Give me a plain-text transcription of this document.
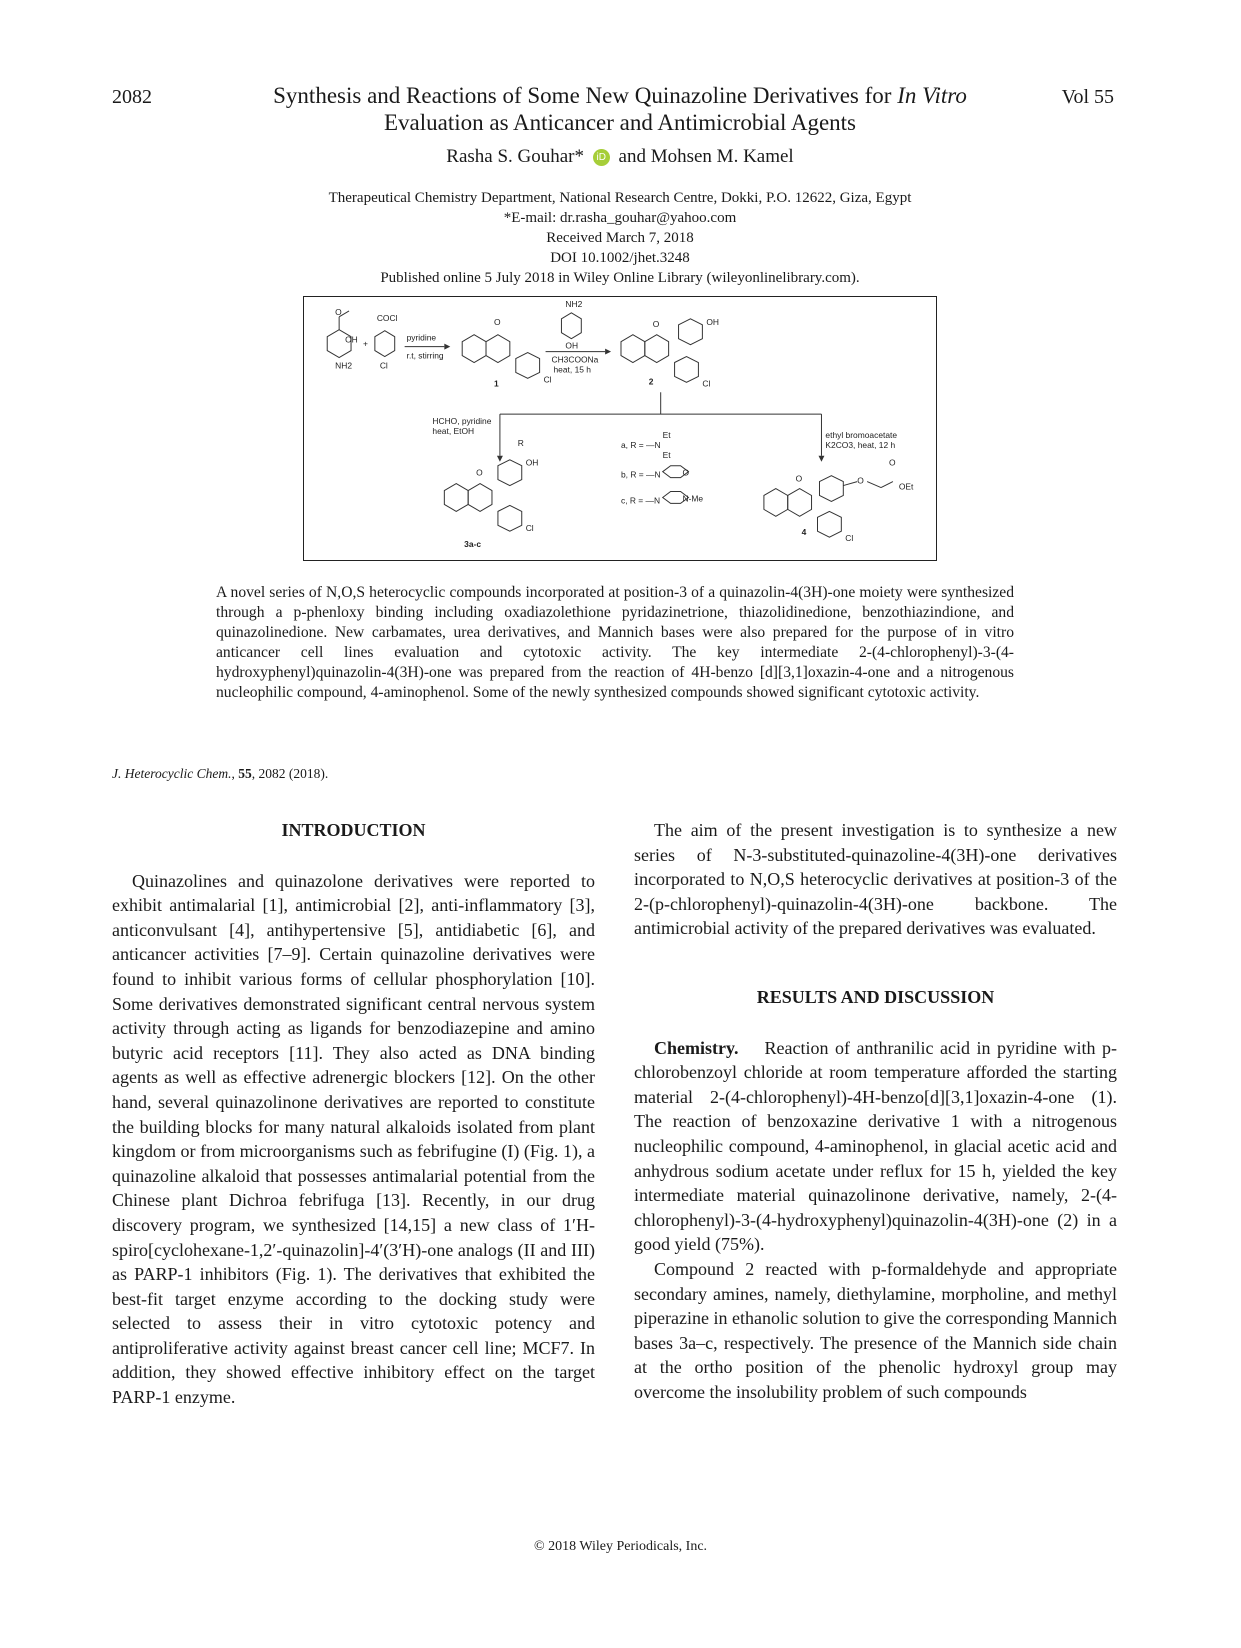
2082	Vol 55
Synthesis and Reactions of Some New Quinazoline Derivatives for In Vitro
Evaluation as Anticancer and Antimicrobial Agents
Rasha S. Gouhar* iD and Mohsen M. Kamel
Therapeutical Chemistry Department, National Research Centre, Dokki, P.O. 12622, Giza, Egypt
*E-mail: dr.rasha_gouhar@yahoo.com
Received March 7, 2018
DOI 10.1002/jhet.3248
Published online 5 July 2018 in Wiley Online Library (wileyonlinelibrary.com).
O
OH
NH2
+
COCl
Cl
pyridine
r.t, stirring
O
Cl
1
NH2
OH
CH3COONa
heat, 15 h
O	OH
Cl
2
HCHO, pyridine
heat, EtOH	ethyl bromoacetate
K2CO3, heat, 12 h
O
R
OH
Cl
3a-c
a, R = —N
Et
Et
b, R = —N	O
c, R = —N	N-Me
O	O
O
OEt
Cl
4
A novel series of N,O,S heterocyclic compounds incorporated at position-3 of a quinazolin-4(3H)-one moiety were synthesized through a p-phenloxy binding including oxadiazolethione pyridazinetrione, thiazolidinedione, benzothiazindione, and quinazolinedione. New carbamates, urea derivatives, and Mannich bases were also prepared for the purpose of in vitro anticancer cell lines evaluation and cytotoxic activity. The key intermediate 2-(4-chlorophenyl)-3-(4-hydroxyphenyl)quinazolin-4(3H)-one was prepared from the reaction of 4H-benzo [d][3,1]oxazin-4-one and a nitrogenous nucleophilic compound, 4-aminophenol. Some of the newly synthesized compounds showed significant cytotoxic activity.
J. Heterocyclic Chem., 55, 2082 (2018).

INTRODUCTION

Quinazolines and quinazolone derivatives were reported to exhibit antimalarial [1], antimicrobial [2], anti-inflammatory [3], anticonvulsant [4], antihypertensive [5], antidiabetic [6], and anticancer activities [7–9]. Certain quinazoline derivatives were found to inhibit various forms of cellular phosphorylation [10]. Some derivatives demonstrated significant central nervous system activity through acting as ligands for benzodiazepine and amino butyric acid receptors [11]. They also acted as DNA binding agents as well as effective adrenergic blockers [12]. On the other hand, several quinazolinone derivatives are reported to constitute the building blocks for many natural alkaloids isolated from plant kingdom or from microorganisms such as febrifugine (I) (Fig. 1), a quinazoline alkaloid that possesses antimalarial potential from the Chinese plant Dichroa febrifuga [13]. Recently, in our drug discovery program, we synthesized [14,15] a new class of 1′H-spiro[cyclohexane-1,2′-quinazolin]-4′(3′H)-one analogs (II and III) as PARP-1 inhibitors (Fig. 1). The derivatives that exhibited the best-fit target enzyme according to the docking study were selected to assess their in vitro cytotoxic potency and antiproliferative activity against breast cancer cell line; MCF7. In addition, they showed effective inhibitory effect on the target PARP-1 enzyme.

The aim of the present investigation is to synthesize a new series of N-3-substituted-quinazoline-4(3H)-one derivatives incorporated to N,O,S heterocyclic derivatives at position-3 of the 2-(p-chlorophenyl)-quinazolin-4(3H)-one backbone. The antimicrobial activity of the prepared derivatives was evaluated.

RESULTS AND DISCUSSION

Chemistry. Reaction of anthranilic acid in pyridine with p-chlorobenzoyl chloride at room temperature afforded the starting material 2-(4-chlorophenyl)-4H-benzo[d][3,1]oxazin-4-one (1). The reaction of benzoxazine derivative 1 with a nitrogenous nucleophilic compound, 4-aminophenol, in glacial acetic acid and anhydrous sodium acetate under reflux for 15 h, yielded the key intermediate material quinazolinone derivative, namely, 2-(4-chlorophenyl)-3-(4-hydroxyphenyl)quinazolin-4(3H)-one (2) in a good yield (75%).

Compound 2 reacted with p-formaldehyde and appropriate secondary amines, namely, diethylamine, morpholine, and methyl piperazine in ethanolic solution to give the corresponding Mannich bases 3a–c, respectively. The presence of the Mannich side chain at the ortho position of the phenolic hydroxyl group may overcome the insolubility problem of such compounds

© 2018 Wiley Periodicals, Inc.
